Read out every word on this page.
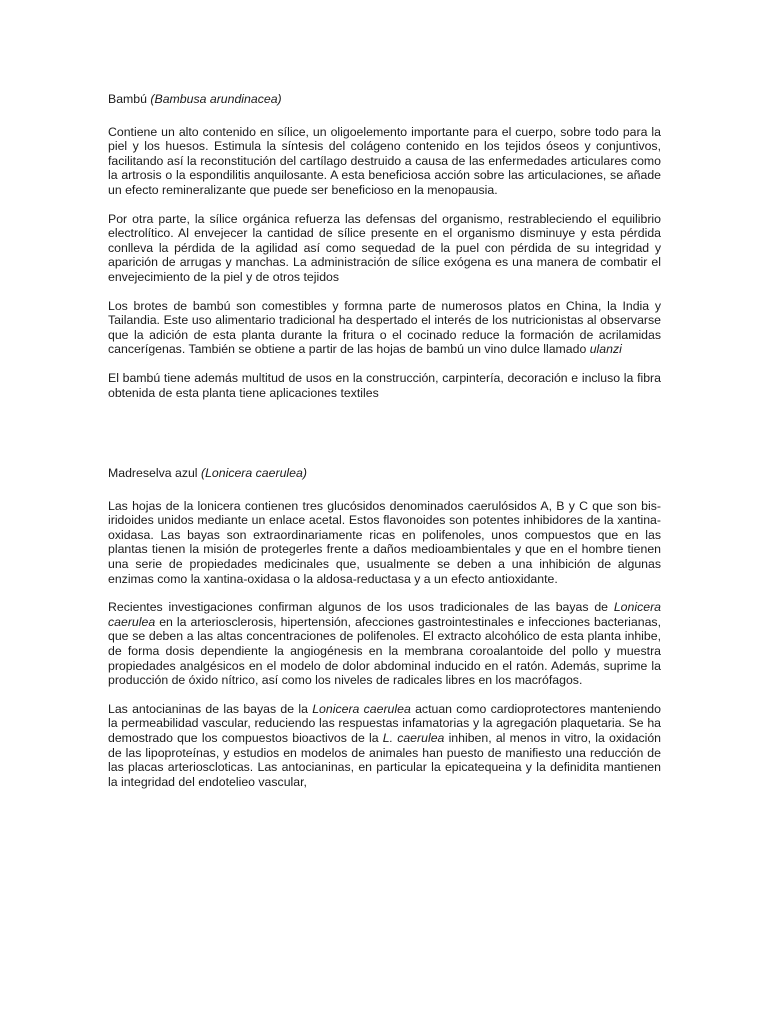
Bambú (Bambusa arundinacea)

Contiene un alto contenido en sílice, un oligoelemento importante para el cuerpo, sobre todo para la piel y los huesos. Estimula la síntesis del colágeno contenido en los tejidos óseos y conjuntivos, facilitando así la reconstitución del cartílago destruido a causa de las enfermedades articulares como la artrosis o la espondilitis anquilosante. A esta beneficiosa acción sobre las articulaciones, se añade un efecto remineralizante que puede ser beneficioso en la menopausia.

Por otra parte, la sílice orgánica refuerza las defensas del organismo, restrableciendo el equilibrio electrolítico. Al envejecer la cantidad de sílice presente en el organismo disminuye y esta pérdida conlleva la pérdida de la agilidad así como sequedad de la puel con pérdida de su integridad y aparición de arrugas y manchas. La administración de sílice exógena es una manera de combatir el envejecimiento de la piel y de otros tejidos

Los brotes de bambú son comestibles y formna parte de numerosos platos en China, la India y Tailandia. Este uso alimentario tradicional ha despertado el interés de los nutricionistas al observarse que la adición de esta planta durante la fritura o el cocinado reduce la formación de acrilamidas cancerígenas. También se obtiene a partir de las hojas de bambú un vino dulce llamado ulanzi

El bambú tiene además multitud de usos en la construcción, carpintería, decoración e incluso la fibra obtenida de esta planta tiene aplicaciones textiles

Madreselva azul (Lonicera caerulea)

Las hojas de la lonicera contienen tres glucósidos denominados caerulósidos A, B y C que son bis-iridoides unidos mediante un enlace acetal. Estos flavonoides son potentes inhibidores de la xantina-oxidasa. Las bayas son extraordinariamente ricas en polifenoles, unos compuestos que en las plantas tienen la misión de protegerles frente a daños medioambientales y que en el hombre tienen una serie de propiedades medicinales que, usualmente se deben a una inhibición de algunas enzimas como la xantina-oxidasa o la aldosa-reductasa y a un efecto antioxidante.

Recientes investigaciones confirman algunos de los usos tradicionales de las bayas de Lonicera caerulea en la arteriosclerosis, hipertensión, afecciones gastrointestinales e infecciones bacterianas, que se deben a las altas concentraciones de polifenoles. El extracto alcohólico de esta planta inhibe, de forma dosis dependiente la angiogénesis en la membrana coroalantoide del pollo y muestra propiedades analgésicos en el modelo de dolor abdominal inducido en el ratón. Además, suprime la producción de óxido nítrico, así como los niveles de radicales libres en los macrófagos.

Las antocianinas de las bayas de la Lonicera caerulea actuan como cardioprotectores manteniendo la permeabilidad vascular, reduciendo las respuestas infamatorias y la agregación plaquetaria. Se ha demostrado que los compuestos bioactivos de la L. caerulea inhiben, al menos in vitro, la oxidación de las lipoproteínas, y estudios en modelos de animales han puesto de manifiesto una reducción de las placas arterioscloticas. Las antocianinas, en particular la epicatequeina y la definidita mantienen la integridad del endotelieo vascular,
